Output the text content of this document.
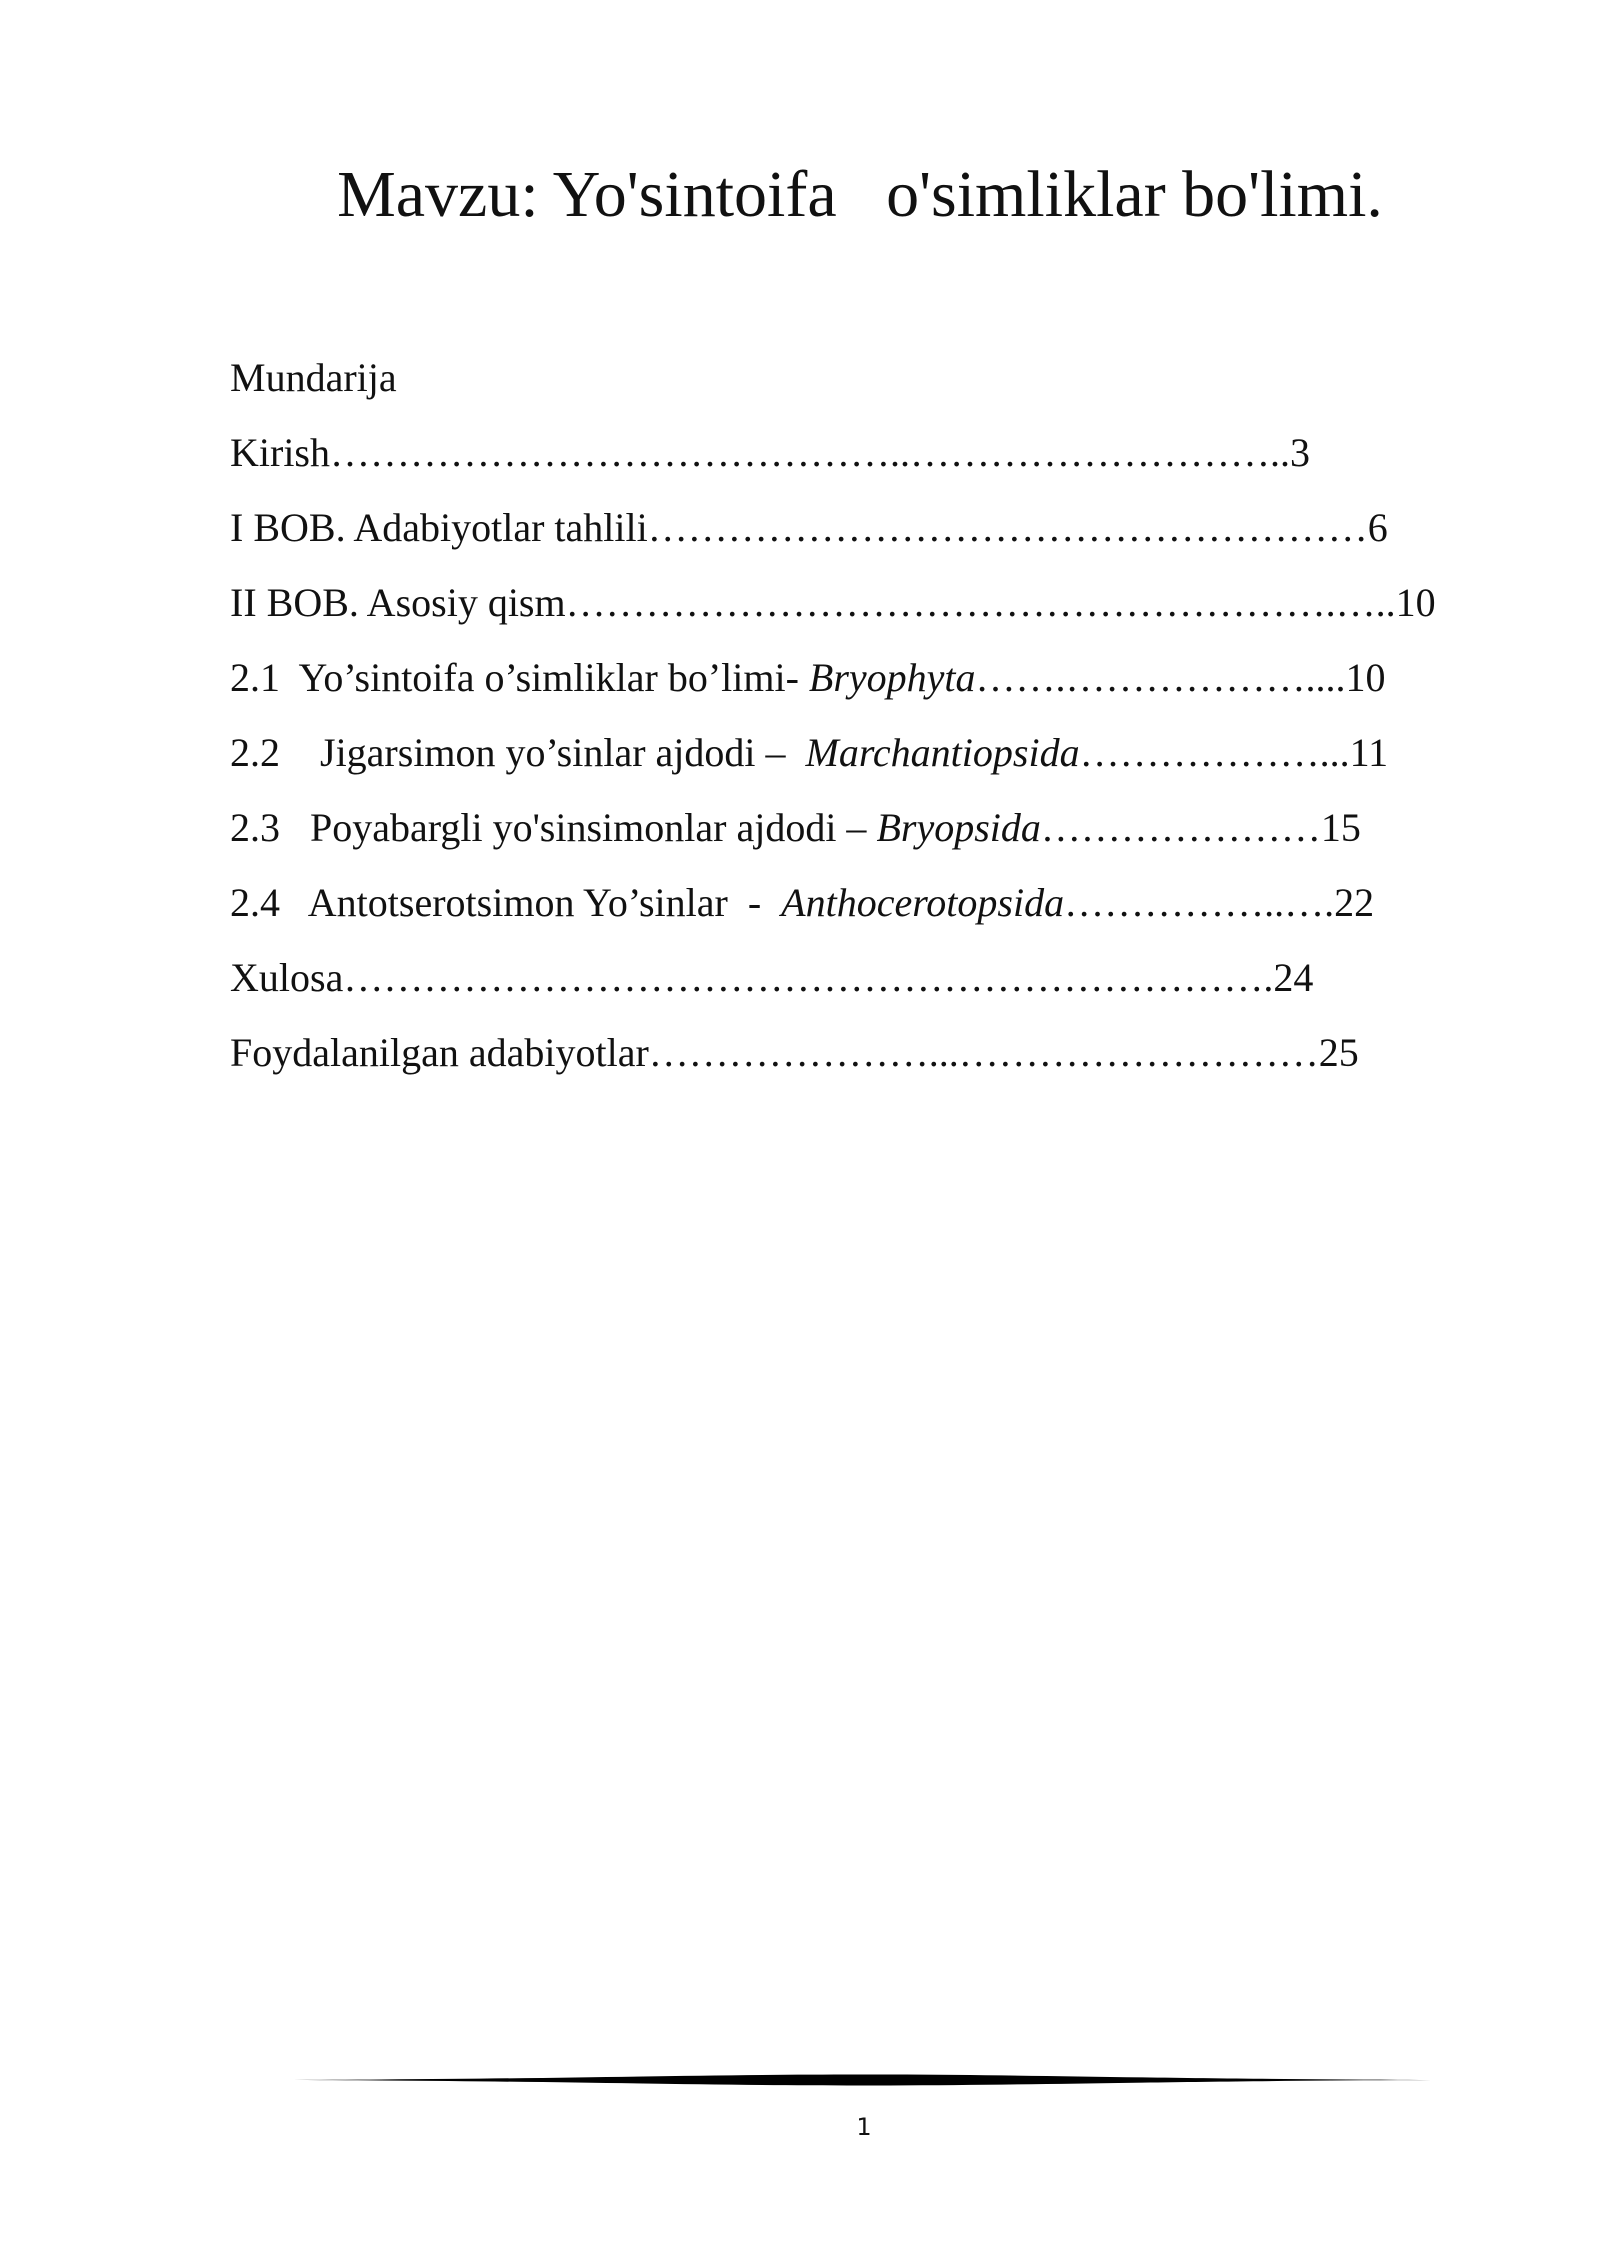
Mavzu: Yo'sintoifa   o'simliklar bo'limi.
Mundarija
Kirish……………………………………..………………………..3
I BOB. Adabiyotlar tahlili………………………………………………6
II BOB. Asosiy qism………………………………………………….…..10
2.1  Yo’sintoifa o’simliklar bo’limi- Bryophyta…….………………....10
2.2    Jigarsimon yo’sinlar ajdodi –  Marchantiopsida………………...11
2.3   Poyabargli yo'sinsimonlar ajdodi – Bryopsida…………………15
2.4   Antotserotsimon Yo’sinlar  -  Anthocerotopsida……………..….22
Xulosa…………………………………………………………….24
Foydalanilgan adabiyotlar…………………...………………………25
1
